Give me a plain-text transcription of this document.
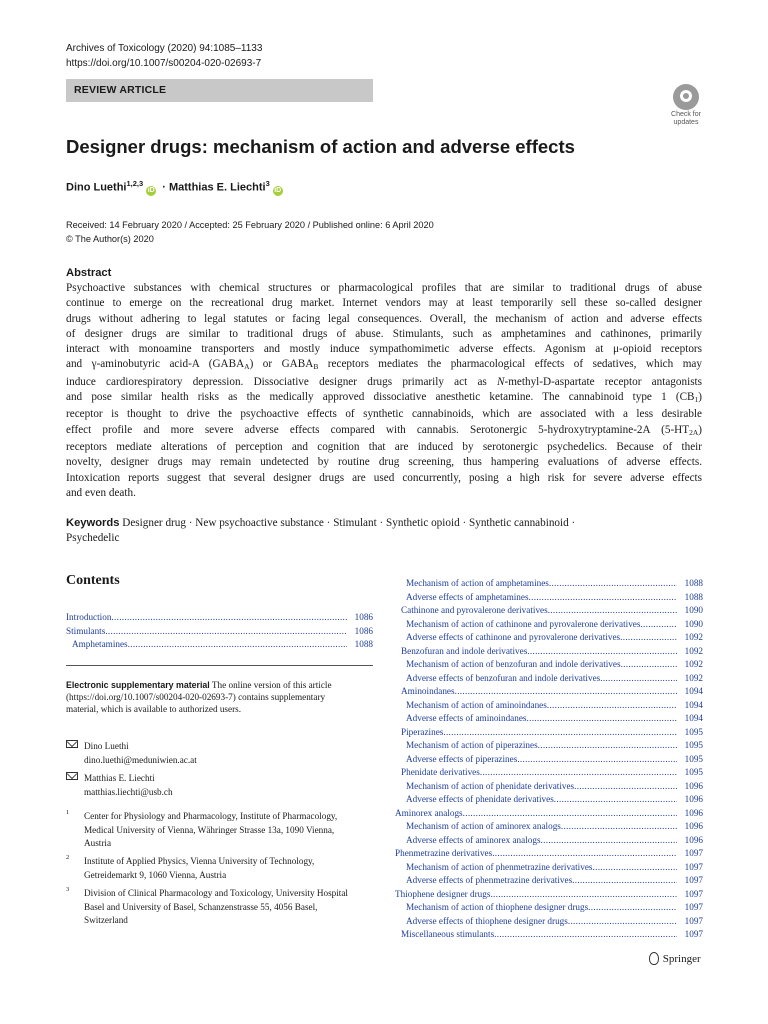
Archives of Toxicology (2020) 94:1085–1133
https://doi.org/10.1007/s00204-020-02693-7
REVIEW ARTICLE
Check for
updates
Designer drugs: mechanism of action and adverse effects
Dino Luethi$^{1,2,3}$iD · Matthias E. Liechti$^3$iD
Received: 14 February 2020 / Accepted: 25 February 2020 / Published online: 6 April 2020
© The Author(s) 2020
Abstract
Psychoactive substances with chemical structures or pharmacological profiles that are similar to traditional drugs of abuse
continue to emerge on the recreational drug market. Internet vendors may at least temporarily sell these so-called designer
drugs without adhering to legal statutes or facing legal consequences. Overall, the mechanism of action and adverse effects
of designer drugs are similar to traditional drugs of abuse. Stimulants, such as amphetamines and cathinones, primarily
interact with monoamine transporters and mostly induce sympathomimetic adverse effects. Agonism at μ-opioid receptors
and γ-aminobutyric acid-A $(GABA_A)$ or $GABA_B$ receptors mediates the pharmacological effects of sedatives, which may
induce cardiorespiratory depression. Dissociative designer drugs primarily act as N-methyl-D-aspartate receptor antagonists
and pose similar health risks as the medically approved dissociative anesthetic ketamine. The cannabinoid type 1 $(CB_1)$
receptor is thought to drive the psychoactive effects of synthetic cannabinoids, which are associated with a less desirable
effect profile and more severe adverse effects compared with cannabis. Serotonergic 5-hydroxytryptamine-2A $(5-HT_{2A})$
receptors mediate alterations of perception and cognition that are induced by serotonergic psychedelics. Because of their
novelty, designer drugs may remain undetected by routine drug screening, thus hampering evaluations of adverse effects.
Intoxication reports suggest that several designer drugs are used concurrently, posing a high risk for severe adverse effects
and even death.
Keywords Designer drug · New psychoactive substance · Stimulant · Synthetic opioid · Synthetic cannabinoid ·
Psychedelic
Contents
Introduction .....	1086
Stimulants .....	1086
Amphetamines .....	1088
Mechanism of action of amphetamines .....	1088
Adverse effects of amphetamines .....	1088
Cathinone and pyrovalerone derivatives .....	1090
Mechanism of action of cathinone and pyrovalerone derivatives .....	1090
Adverse effects of cathinone and pyrovalerone derivatives .....	1092
Benzofuran and indole derivatives .....	1092
Mechanism of action of benzofuran and indole derivatives .....	1092
Adverse effects of benzofuran and indole derivatives .....	1092
Aminoindanes .....	1094
Mechanism of action of aminoindanes .....	1094
Adverse effects of aminoindanes .....	1094
Piperazines .....	1095
Mechanism of action of piperazines .....	1095
Adverse effects of piperazines .....	1095
Phenidate derivatives .....	1095
Mechanism of action of phenidate derivatives .....	1096
Adverse effects of phenidate derivatives .....	1096
Aminorex analogs .....	1096
Mechanism of action of aminorex analogs .....	1096
Adverse effects of aminorex analogs .....	1096
Phenmetrazine derivatives .....	1097
Mechanism of action of phenmetrazine derivatives .....	1097
Adverse effects of phenmetrazine derivatives .....	1097
Thiophene designer drugs .....	1097
Mechanism of action of thiophene designer drugs .....	1097
Adverse effects of thiophene designer drugs .....	1097
Miscellaneous stimulants .....	1097
Electronic supplementary material The online version of this article (https://doi.org/10.1007/s00204-020-02693-7) contains supplementary material, which is available to authorized users.
Dino Luethi
dino.luethi@meduniwien.ac.at
Matthias E. Liechti
matthias.liechti@usb.ch
1 Center for Physiology and Pharmacology, Institute of Pharmacology, Medical University of Vienna, Währinger Strasse 13a, 1090 Vienna, Austria
2 Institute of Applied Physics, Vienna University of Technology, Getreidemarkt 9, 1060 Vienna, Austria
3 Division of Clinical Pharmacology and Toxicology, University Hospital Basel and University of Basel, Schanzenstrasse 55, 4056 Basel, Switzerland
Springer
